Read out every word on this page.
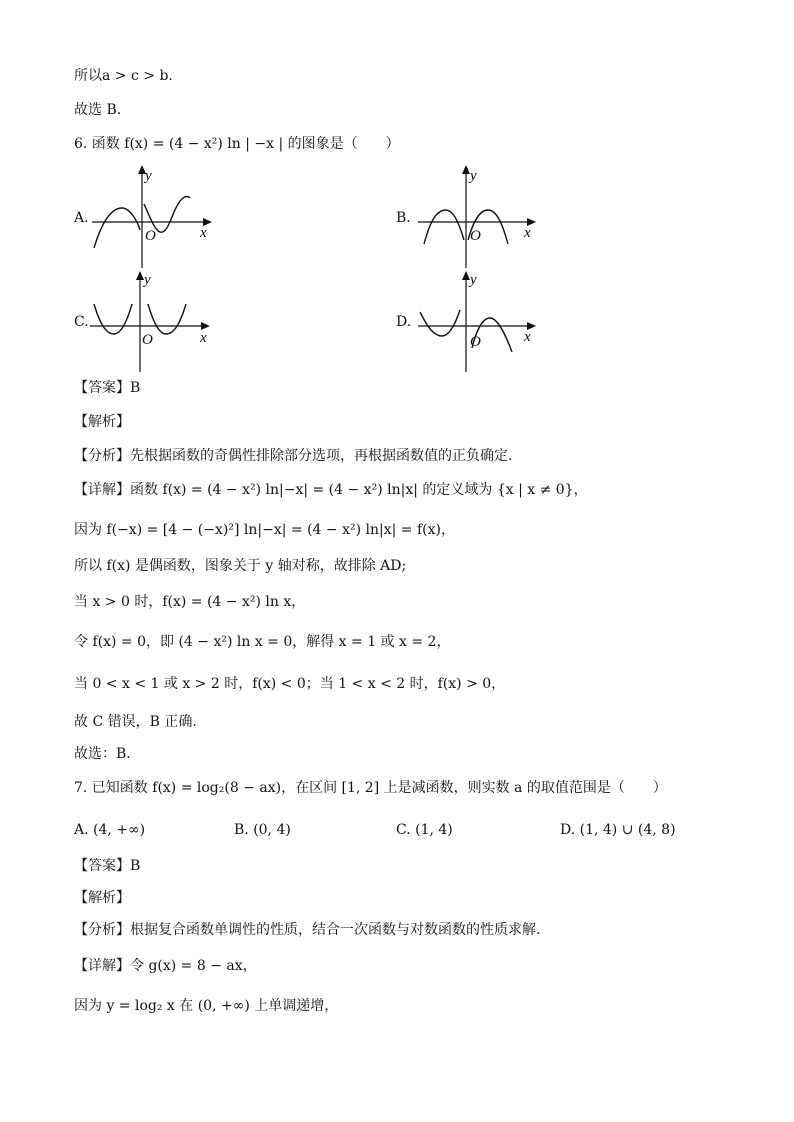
所以a > c > b.
故选 B.
6. 函数 f(x) = (4 − x²) ln | −x | 的图象是（　　）
A.
y
O	x
B.
y
O	x
C.
y
O	x
D.
y
O	x
【答案】B
【解析】
【分析】先根据函数的奇偶性排除部分选项，再根据函数值的正负确定.
【详解】函数 f(x) = (4 − x²) ln|−x| = (4 − x²) ln|x| 的定义域为 {x | x ≠ 0}，
因为 f(−x) = [4 − (−x)²] ln|−x| = (4 − x²) ln|x| = f(x)，
所以 f(x) 是偶函数，图象关于 y 轴对称，故排除 AD;
当 x > 0 时，f(x) = (4 − x²) ln x，
令 f(x) = 0，即 (4 − x²) ln x = 0，解得 x = 1 或 x = 2，
当 0 < x < 1 或 x > 2 时，f(x) < 0；当 1 < x < 2 时，f(x) > 0，
故 C 错误，B 正确.
故选：B.
7. 已知函数 f(x) = log₂(8 − ax)，在区间 [1, 2] 上是减函数，则实数 a 的取值范围是（　　）
A. (4, +∞)	B. (0, 4)	C. (1, 4)	D. (1, 4) ∪ (4, 8)
【答案】B
【解析】
【分析】根据复合函数单调性的性质，结合一次函数与对数函数的性质求解.
【详解】令 g(x) = 8 − ax，
因为 y = log₂ x 在 (0, +∞) 上单调递增，
